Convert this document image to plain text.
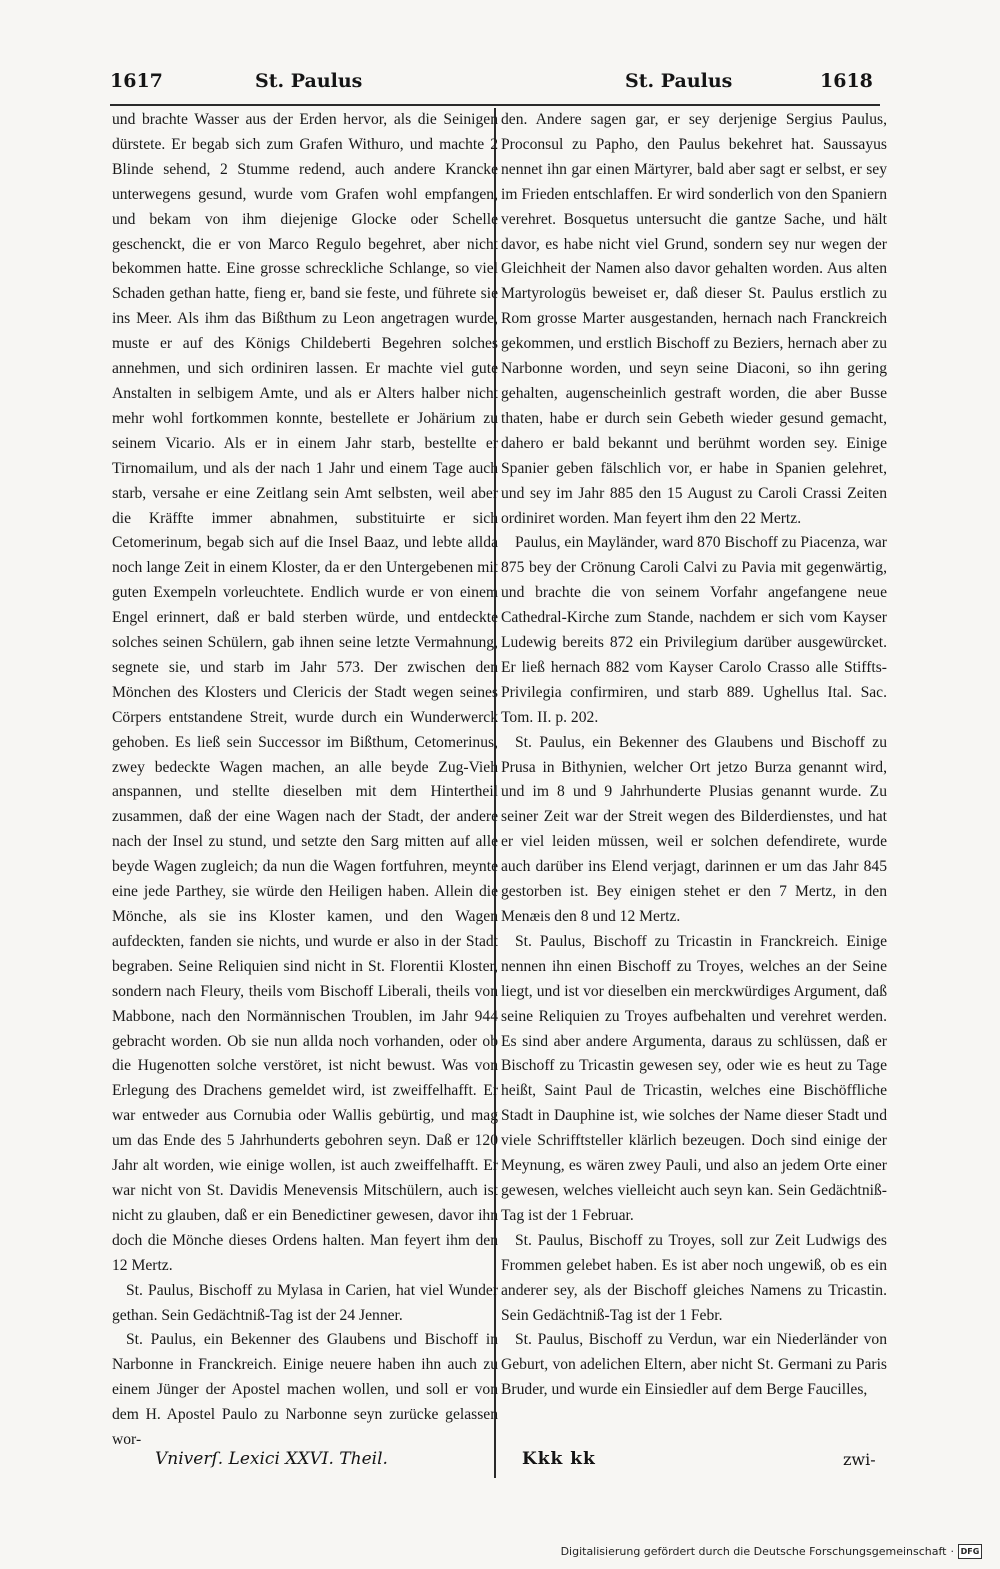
1617	St. Paulus	St. Paulus	1618

und brachte Wasser aus der Erden hervor, als die Seinigen dürstete. Er begab sich zum Grafen Withuro, und machte 2 Blinde sehend, 2 Stumme redend, auch andere Krancke unterwegens gesund, wurde vom Grafen wohl empfangen, und bekam von ihm diejenige Glocke oder Schelle geschenckt, die er von Marco Regulo begehret, aber nicht bekommen hatte. Eine grosse schreckliche Schlange, so viel Schaden gethan hatte, fieng er, band sie feste, und führete sie ins Meer. Als ihm das Bißthum zu Leon angetragen wurde, muste er auf des Königs Childeberti Begehren solches annehmen, und sich ordiniren lassen. Er machte viel gute Anstalten in selbigem Amte, und als er Alters halber nicht mehr wohl fortkommen konnte, bestellete er Johärium zu seinem Vicario. Als er in einem Jahr starb, bestellte er Tirnomailum, und als der nach 1 Jahr und einem Tage auch starb, versahe er eine Zeitlang sein Amt selbsten, weil aber die Kräffte immer abnahmen, substituirte er sich Cetomerinum, begab sich auf die Insel Baaz, und lebte allda noch lange Zeit in einem Kloster, da er den Untergebenen mit guten Exempeln vorleuchtete. Endlich wurde er von einem Engel erinnert, daß er bald sterben würde, und entdeckte solches seinen Schülern, gab ihnen seine letzte Vermahnung, segnete sie, und starb im Jahr 573. Der zwischen den Mönchen des Klosters und Clericis der Stadt wegen seines Cörpers entstandene Streit, wurde durch ein Wunderwerck gehoben. Es ließ sein Successor im Bißthum, Cetomerinus, zwey bedeckte Wagen machen, an alle beyde Zug-Vieh anspannen, und stellte dieselben mit dem Hintertheil zusammen, daß der eine Wagen nach der Stadt, der andere nach der Insel zu stund, und setzte den Sarg mitten auf alle beyde Wagen zugleich; da nun die Wagen fortfuhren, meynte eine jede Parthey, sie würde den Heiligen haben. Allein die Mönche, als sie ins Kloster kamen, und den Wagen aufdeckten, fanden sie nichts, und wurde er also in der Stadt begraben. Seine Reliquien sind nicht in St. Florentii Kloster, sondern nach Fleury, theils vom Bischoff Liberali, theils von Mabbone, nach den Normännischen Troublen, im Jahr 944 gebracht worden. Ob sie nun allda noch vorhanden, oder ob die Hugenotten solche verstöret, ist nicht bewust. Was von Erlegung des Drachens gemeldet wird, ist zweiffelhafft. Er war entweder aus Cornubia oder Wallis gebürtig, und mag um das Ende des 5 Jahrhunderts gebohren seyn. Daß er 120 Jahr alt worden, wie einige wollen, ist auch zweiffelhafft. Er war nicht von St. Davidis Menevensis Mitschülern, auch ist nicht zu glauben, daß er ein Benedictiner gewesen, davor ihn doch die Mönche dieses Ordens halten. Man feyert ihm den 12 Mertz.

St. Paulus, Bischoff zu Mylasa in Carien, hat viel Wunder gethan. Sein Gedächtniß-Tag ist der 24 Jenner.

St. Paulus, ein Bekenner des Glaubens und Bischoff in Narbonne in Franckreich. Einige neuere haben ihn auch zu einem Jünger der Apostel machen wollen, und soll er von dem H. Apostel Paulo zu Narbonne seyn zurücke gelassen wor-

den. Andere sagen gar, er sey derjenige Sergius Paulus, Proconsul zu Papho, den Paulus bekehret hat. Saussayus nennet ihn gar einen Märtyrer, bald aber sagt er selbst, er sey im Frieden entschlaffen. Er wird sonderlich von den Spaniern verehret. Bosquetus untersucht die gantze Sache, und hält davor, es habe nicht viel Grund, sondern sey nur wegen der Gleichheit der Namen also davor gehalten worden. Aus alten Martyrologüs beweiset er, daß dieser St. Paulus erstlich zu Rom grosse Marter ausgestanden, hernach nach Franckreich gekommen, und erstlich Bischoff zu Beziers, hernach aber zu Narbonne worden, und seyn seine Diaconi, so ihn gering gehalten, augenscheinlich gestraft worden, die aber Busse thaten, habe er durch sein Gebeth wieder gesund gemacht, dahero er bald bekannt und berühmt worden sey. Einige Spanier geben fälschlich vor, er habe in Spanien gelehret, und sey im Jahr 885 den 15 August zu Caroli Crassi Zeiten ordiniret worden. Man feyert ihm den 22 Mertz.

Paulus, ein Mayländer, ward 870 Bischoff zu Piacenza, war 875 bey der Crönung Caroli Calvi zu Pavia mit gegenwärtig, und brachte die von seinem Vorfahr angefangene neue Cathedral-Kirche zum Stande, nachdem er sich vom Kayser Ludewig bereits 872 ein Privilegium darüber ausgewürcket. Er ließ hernach 882 vom Kayser Carolo Crasso alle Stiffts-Privilegia confirmiren, und starb 889. Ughellus Ital. Sac. Tom. II. p. 202.

St. Paulus, ein Bekenner des Glaubens und Bischoff zu Prusa in Bithynien, welcher Ort jetzo Burza genannt wird, und im 8 und 9 Jahrhunderte Plusias genannt wurde. Zu seiner Zeit war der Streit wegen des Bilderdienstes, und hat er viel leiden müssen, weil er solchen defendirete, wurde auch darüber ins Elend verjagt, darinnen er um das Jahr 845 gestorben ist. Bey einigen stehet er den 7 Mertz, in den Menæis den 8 und 12 Mertz.

St. Paulus, Bischoff zu Tricastin in Franckreich. Einige nennen ihn einen Bischoff zu Troyes, welches an der Seine liegt, und ist vor dieselben ein merckwürdiges Argument, daß seine Reliquien zu Troyes aufbehalten und verehret werden. Es sind aber andere Argumenta, daraus zu schlüssen, daß er Bischoff zu Tricastin gewesen sey, oder wie es heut zu Tage heißt, Saint Paul de Tricastin, welches eine Bischöffliche Stadt in Dauphine ist, wie solches der Name dieser Stadt und viele Schrifftsteller klärlich bezeugen. Doch sind einige der Meynung, es wären zwey Pauli, und also an jedem Orte einer gewesen, welches vielleicht auch seyn kan. Sein Gedächtniß-Tag ist der 1 Februar.

St. Paulus, Bischoff zu Troyes, soll zur Zeit Ludwigs des Frommen gelebet haben. Es ist aber noch ungewiß, ob es ein anderer sey, als der Bischoff gleiches Namens zu Tricastin. Sein Gedächtniß-Tag ist der 1 Febr.

St. Paulus, Bischoff zu Verdun, war ein Niederländer von Geburt, von adelichen Eltern, aber nicht St. Germani zu Paris Bruder, und wurde ein Einsiedler auf dem Berge Faucilles,

Vniverſ. Lexici XXVI. Theil.	Kkk kk	zwi-
Digitalisierung gefördert durch die Deutsche Forschungsgemeinschaft · DFG
